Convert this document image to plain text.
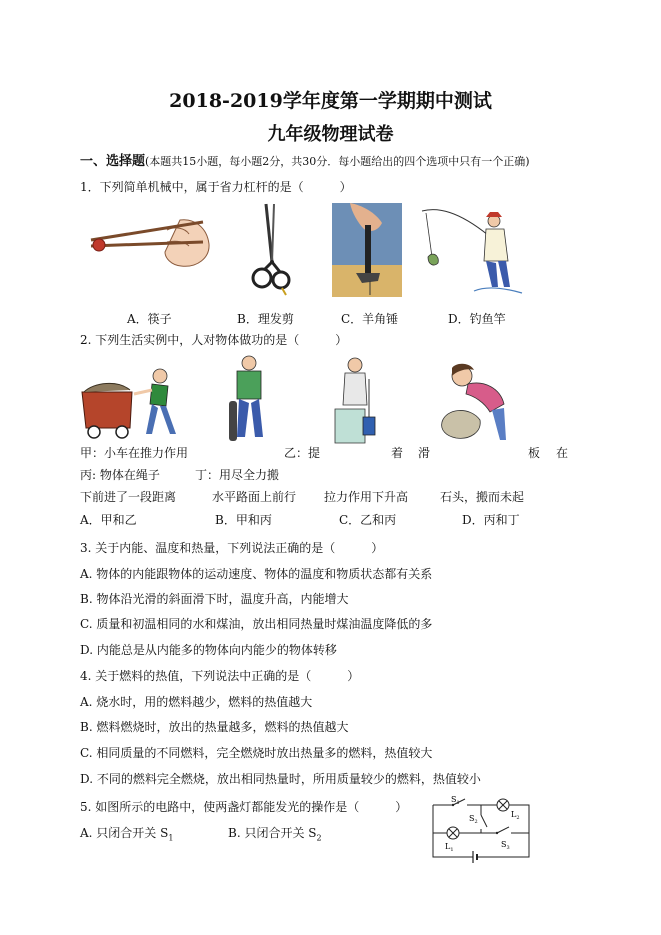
2018-2019学年度第一学期期中测试
九年级物理试卷
一、选择题(本题共15小题，每小题2分，共30分．每小题给出的四个选项中只有一个正确)
1．下列简单机械中，属于省力杠杆的是（　　　）
A．筷子	B．理发剪	C．羊角锤	D．钓鱼竿
2. 下列生活实例中，人对物体做功的是（　　　）
甲：小车在推力作用	乙：提	着 滑	板 在
丙: 物体在绳子	丁：用尽全力搬
下前进了一段距离	水平路面上前行 拉力作用下升高	石头，搬而未起
A．甲和乙	B．甲和丙	C．乙和丙	D．丙和丁
3. 关于内能、温度和热量，下列说法正确的是（　　　）
A. 物体的内能跟物体的运动速度、物体的温度和物质状态都有关系
B. 物体沿光滑的斜面滑下时，温度升高，内能增大
C. 质量和初温相同的水和煤油，放出相同热量时煤油温度降低的多
D. 内能总是从内能多的物体向内能少的物体转移
4. 关于燃料的热值，下列说法中正确的是（　　　）
A. 烧水时，用的燃料越少，燃料的热值越大
B. 燃料燃烧时，放出的热量越多，燃料的热值越大
C. 相同质量的不同燃料，完全燃烧时放出热量多的燃料，热值较大
D. 不同的燃料完全燃烧，放出相同热量时，所用质量较少的燃料，热值较小
5. 如图所示的电路中，使两盏灯都能发光的操作是（　　　）
A. 只闭合开关 $S_1$	B. 只闭合开关 $S_2$
$S_1$
$S_2$
$S_3$
$L_1$
$L_2$
